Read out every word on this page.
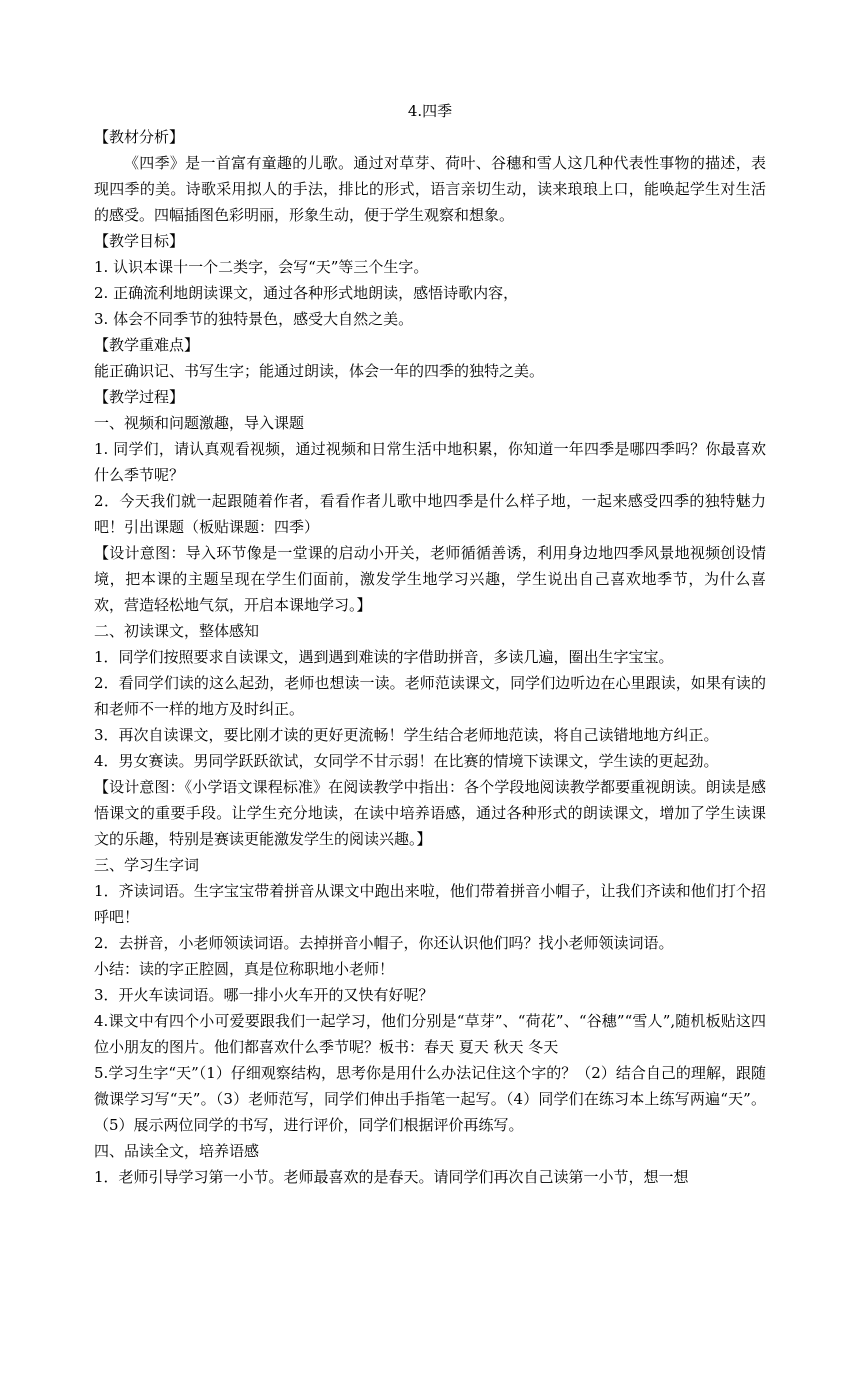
4.四季

【教材分析】

《四季》是一首富有童趣的儿歌。通过对草芽、荷叶、谷穗和雪人这几种代表性事物的描述，表现四季的美。诗歌采用拟人的手法，排比的形式，语言亲切生动，读来琅琅上口，能唤起学生对生活的感受。四幅插图色彩明丽，形象生动，便于学生观察和想象。

【教学目标】

1. 认识本课十一个二类字，会写“天”等三个生字。

2. 正确流利地朗读课文，通过各种形式地朗读，感悟诗歌内容，

3. 体会不同季节的独特景色，感受大自然之美。

【教学重难点】

能正确识记、书写生字；能通过朗读，体会一年的四季的独特之美。

【教学过程】

一、视频和问题激趣，导入课题

1. 同学们，请认真观看视频，通过视频和日常生活中地积累，你知道一年四季是哪四季吗？你最喜欢什么季节呢？

2．今天我们就一起跟随着作者，看看作者儿歌中地四季是什么样子地，一起来感受四季的独特魅力吧！引出课题（板贴课题：四季）

【设计意图：导入环节像是一堂课的启动小开关，老师循循善诱，利用身边地四季风景地视频创设情境，把本课的主题呈现在学生们面前，激发学生地学习兴趣，学生说出自己喜欢地季节，为什么喜欢，营造轻松地气氛，开启本课地学习。】

二、初读课文，整体感知

1．同学们按照要求自读课文，遇到遇到难读的字借助拼音，多读几遍，圈出生字宝宝。

2．看同学们读的这么起劲，老师也想读一读。老师范读课文，同学们边听边在心里跟读，如果有读的和老师不一样的地方及时纠正。

3．再次自读课文，要比刚才读的更好更流畅！学生结合老师地范读，将自己读错地地方纠正。

4．男女赛读。男同学跃跃欲试，女同学不甘示弱！在比赛的情境下读课文，学生读的更起劲。

【设计意图：《小学语文课程标准》在阅读教学中指出：各个学段地阅读教学都要重视朗读。朗读是感悟课文的重要手段。让学生充分地读，在读中培养语感，通过各种形式的朗读课文，增加了学生读课文的乐趣，特别是赛读更能激发学生的阅读兴趣。】

三、学习生字词

1．齐读词语。生字宝宝带着拼音从课文中跑出来啦，他们带着拼音小帽子，让我们齐读和他们打个招呼吧！

2．去拼音，小老师领读词语。去掉拼音小帽子，你还认识他们吗？找小老师领读词语。

小结：读的字正腔圆，真是位称职地小老师！

3．开火车读词语。哪一排小火车开的又快有好呢？

4.课文中有四个小可爱要跟我们一起学习，他们分别是“草芽”、“荷花”、“谷穗”“雪人”,随机板贴这四位小朋友的图片。他们都喜欢什么季节呢？板书：春天 夏天 秋天 冬天

5.学习生字“天”（1）仔细观察结构，思考你是用什么办法记住这个字的？（2）结合自己的理解，跟随微课学习写“天”。（3）老师范写，同学们伸出手指笔一起写。（4）同学们在练习本上练写两遍“天”。（5）展示两位同学的书写，进行评价，同学们根据评价再练写。

四、品读全文，培养语感

1．老师引导学习第一小节。老师最喜欢的是春天。请同学们再次自己读第一小节，想一想
